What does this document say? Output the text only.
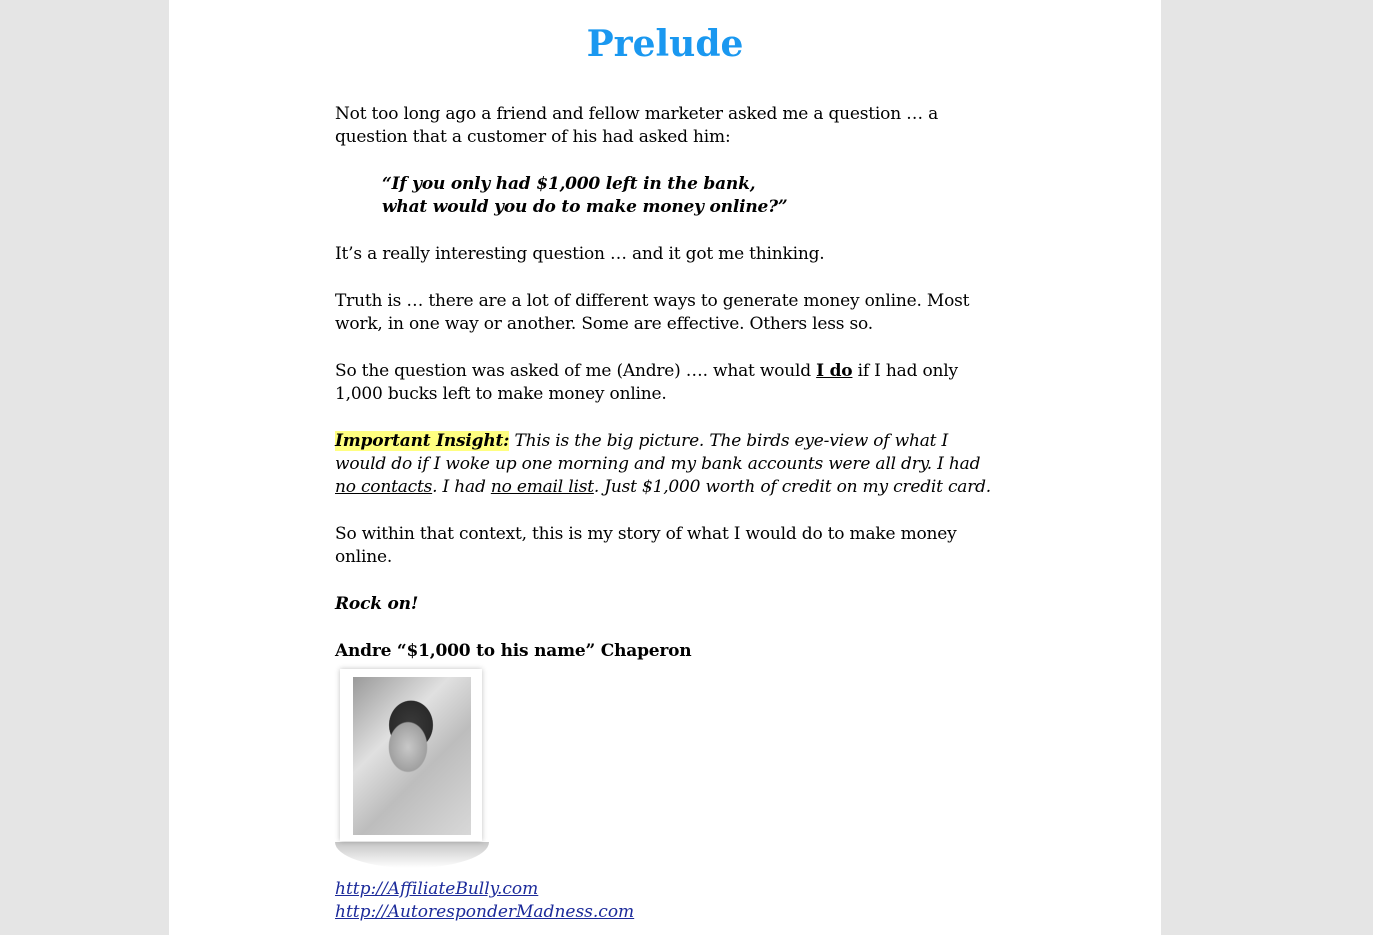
Prelude

Not too long ago a friend and fellow marketer asked me a question … a question that a customer of his had asked him:

“If you only had $1,000 left in the bank, what would you do to make money online?”

It’s a really interesting question … and it got me thinking.

Truth is … there are a lot of different ways to generate money online. Most work, in one way or another. Some are effective. Others less so.

So the question was asked of me (Andre) …. what would I do if I had only 1,000 bucks left to make money online.

Important Insight: This is the big picture. The birds eye-view of what I would do if I woke up one morning and my bank accounts were all dry. I had no contacts. I had no email list. Just $1,000 worth of credit on my credit card.

So within that context, this is my story of what I would do to make money online.

Rock on!

Andre “$1,000 to his name” Chaperon

http://AffiliateBully.com
http://AutoresponderMadness.com
